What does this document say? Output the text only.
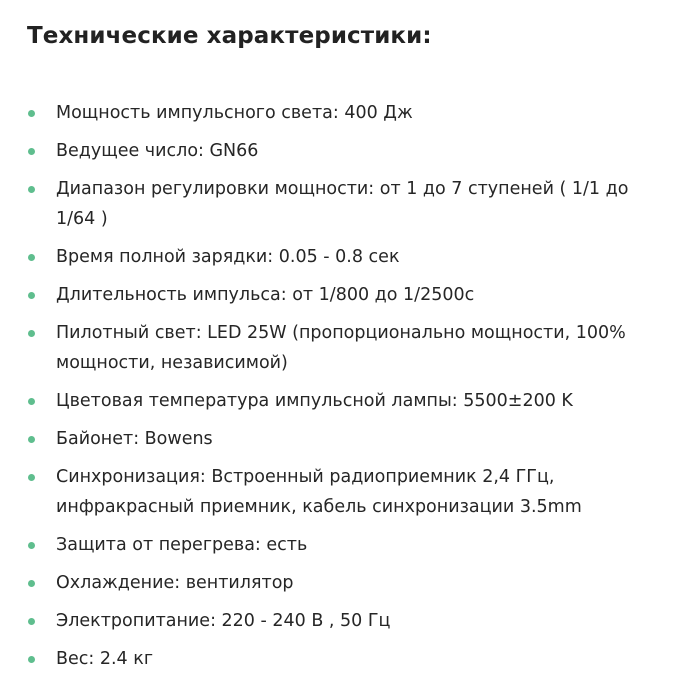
Технические характеристики:
Мощность импульсного света: 400 Дж
Ведущее число: GN66
Диапазон регулировки мощности: от 1 до 7 ступеней ( 1/1 до 1/64 )
Время полной зарядки: 0.05 - 0.8 сек
Длительность импульса: от 1/800 до 1/2500с
Пилотный свет: LED 25W (пропорционально мощности, 100% мощности, независимой)
Цветовая температура импульсной лампы: 5500±200 K
Байонет: Bowens
Синхронизация: Встроенный радиоприемник 2,4 ГГц, инфракрасный приемник, кабель синхронизации 3.5mm
Защита от перегрева: есть
Охлаждение: вентилятор
Электропитание: 220 - 240 В , 50 Гц
Вес: 2.4 кг
